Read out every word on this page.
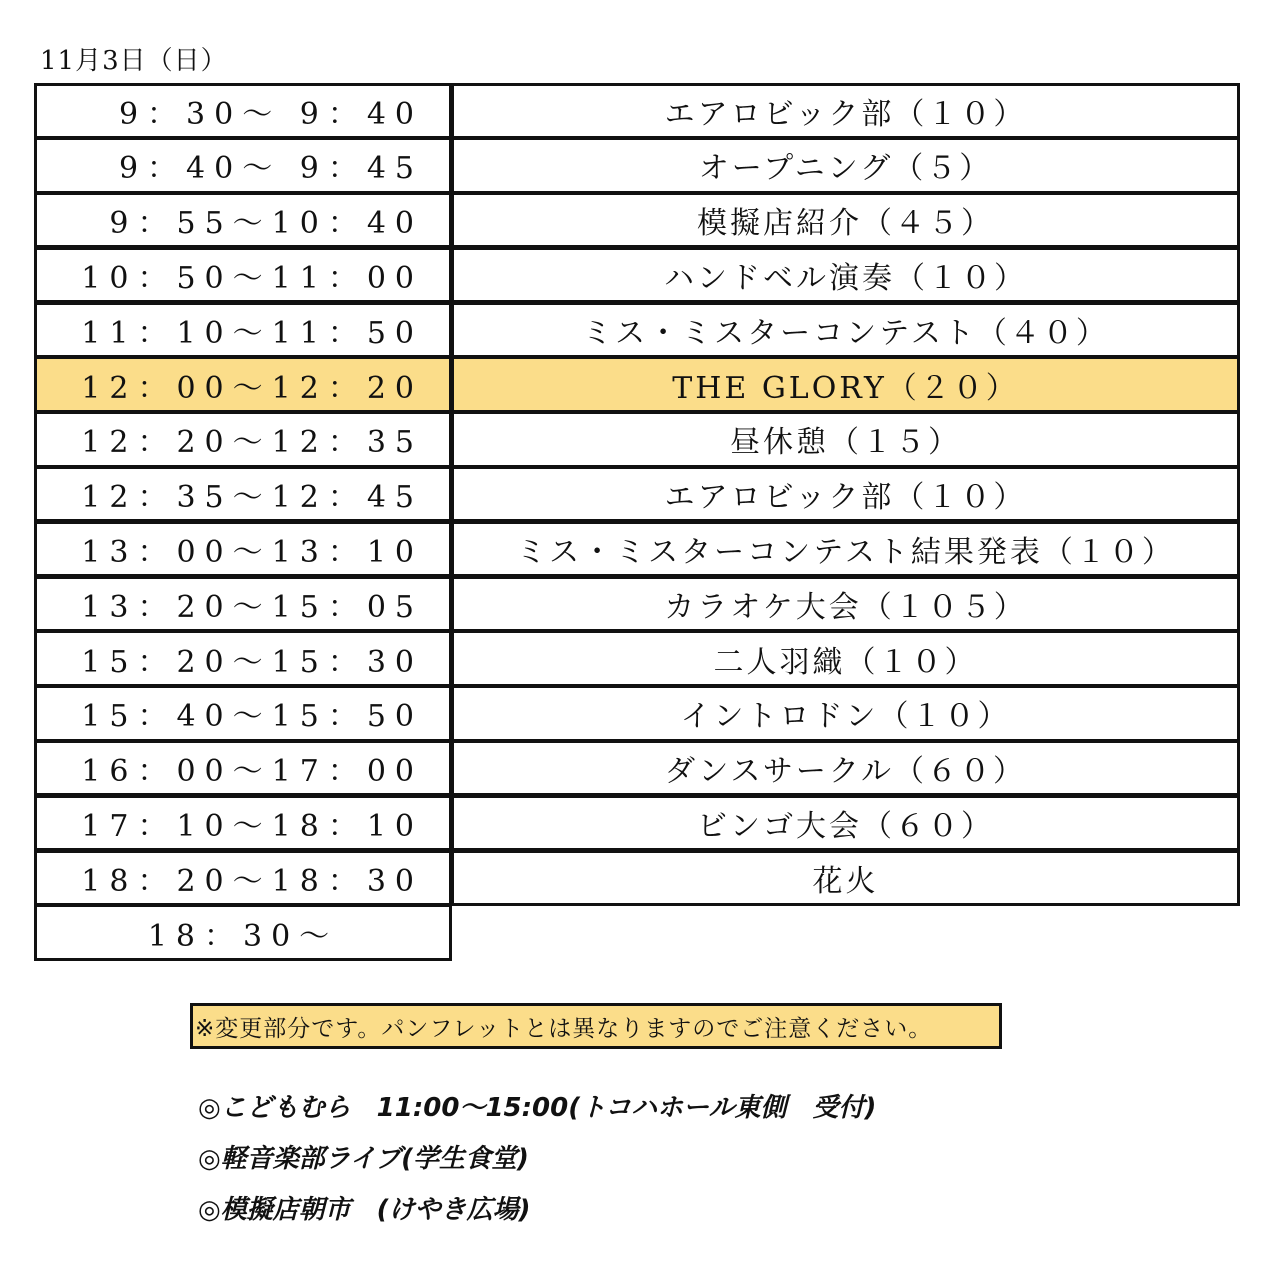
11月3日（日）
9：30～ 9：40	エアロビック部（１０）
9：40～ 9：45	オープニング（５）
9：55～10：40	模擬店紹介（４５）
10：50～11：00	ハンドベル演奏（１０）
11：10～11：50	ミス・ミスターコンテスト（４０）
12：00～12：20	THE GLORY（２０）
12：20～12：35	昼休憩（１５）
12：35～12：45	エアロビック部（１０）
13：00～13：10	ミス・ミスターコンテスト結果発表（１０）
13：20～15：05	カラオケ大会（１０５）
15：20～15：30	二人羽織（１０）
15：40～15：50	イントロドン（１０）
16：00～17：00	ダンスサークル（６０）
17：10～18：10	ビンゴ大会（６０）
18：20～18：30	花火
18：30～
※変更部分です。パンフレットとは異なりますのでご注意ください。
◎こどもむら　11:00～15:00(トコハホール東側　受付)
◎軽音楽部ライブ(学生食堂)
◎模擬店朝市　(けやき広場)
